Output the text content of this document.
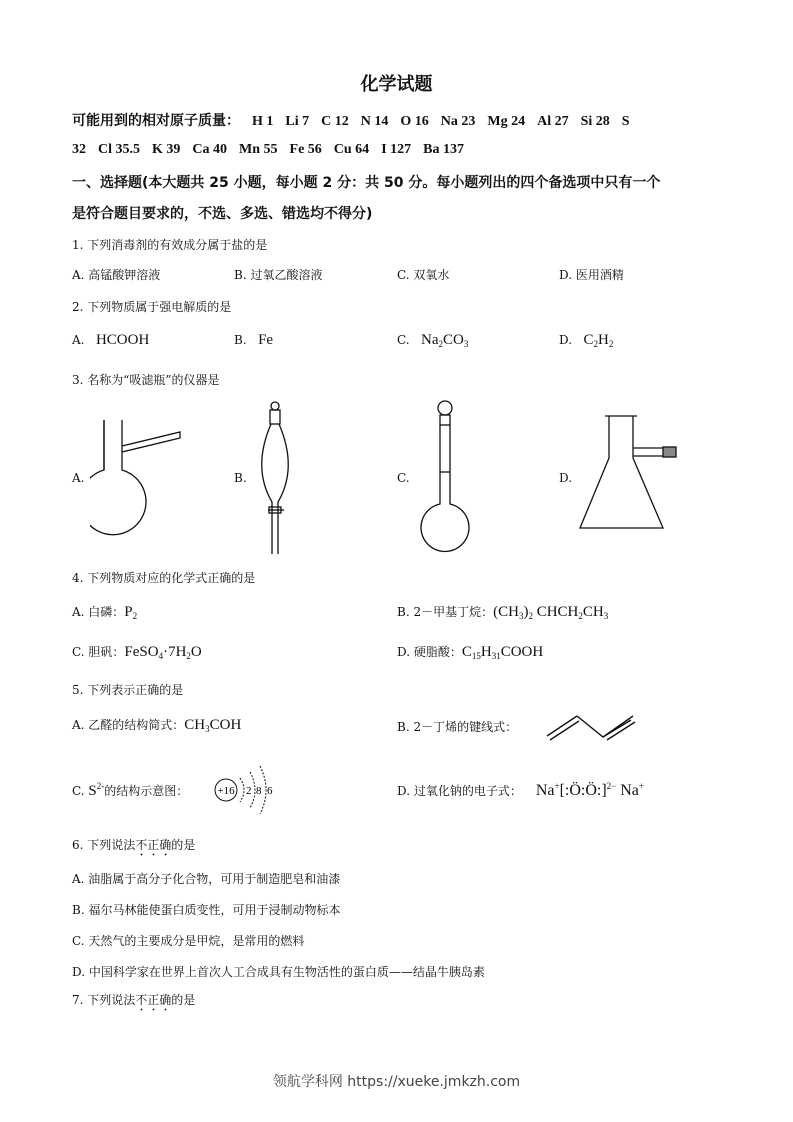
化学试题
可能用到的相对原子质量： H 1 Li 7 C 12 N 14 O 16 Na 23 Mg 24 Al 27 Si 28 S
32 Cl 35.5 K 39 Ca 40 Mn 55 Fe 56 Cu 64 I 127 Ba 137
一、选择题(本大题共 25 小题，每小题 2 分：共 50 分。每小题列出的四个备选项中只有一个
是符合题目要求的，不选、多选、错选均不得分)
1. 下列消毒剂的有效成分属于盐的是
A. 高锰酸钾溶液	B. 过氧乙酸溶液	C. 双氧水	D. 医用酒精
2. 下列物质属于强电解质的是
A. HCOOH	B. Fe	C. $Na_2CO_3$	D. $C_2H_2$
3. 名称为“吸滤瓶”的仪器是
A.	B.	C.	D.
4. 下列物质对应的化学式正确的是
A. 白磷：$P_2$	B. 2－甲基丁烷：$(CH_3)_2$ $CHCH_2CH_3$
C. 胆矾：$FeSO_4\cdot 7H_2O$	D. 硬脂酸：$C_{15}H_{31}COOH$
5. 下列表示正确的是
A. 乙醛的结构简式：$CH_3COH$	B. 2－丁烯的键线式：
C. $S^{2-}$的结构示意图：	+16 2 8 6	D. 过氧化钠的电子式： Na+[:Ö:Ö:]$^{2-}$ Na+
6. 下列说法不正确的是
A. 油脂属于高分子化合物，可用于制造肥皂和油漆
B. 福尔马林能使蛋白质变性，可用于浸制动物标本
C. 天然气的主要成分是甲烷，是常用的燃料
D. 中国科学家在世界上首次人工合成具有生物活性的蛋白质——结晶牛胰岛素
7. 下列说法不正确的是
领航学科网 https://xueke.jmkzh.com
